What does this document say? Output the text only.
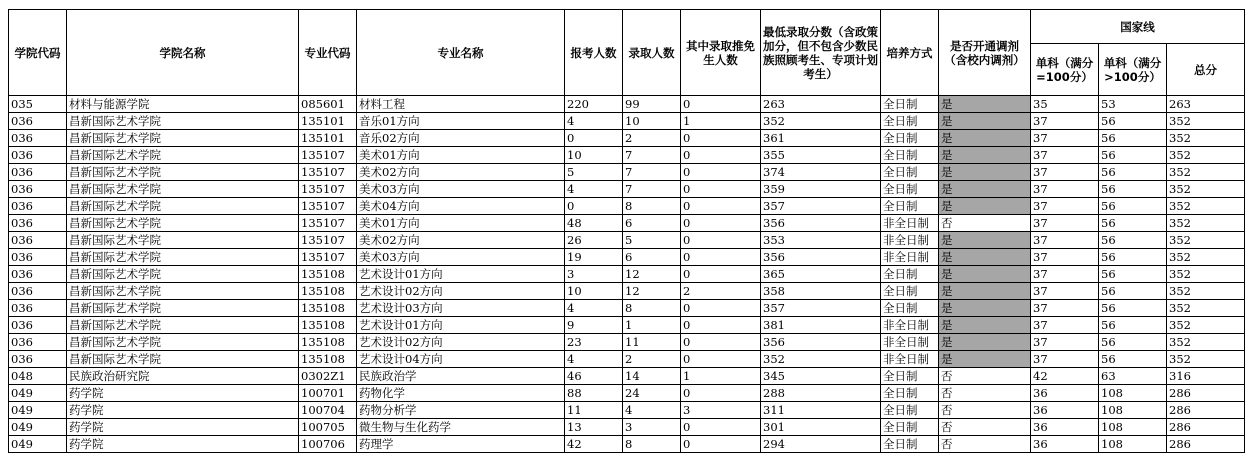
学院代码	学院名称	专业代码	专业名称	报考人数	录取人数	其中录取推免生人数	最低录取分数（含政策加分，但不包含少数民族照顾考生、专项计划考生）	培养方式	是否开通调剂（含校内调剂）	国家线		
										单科（满分=100分）	单科（满分>100分）	总分
035	材料与能源学院	085601	材料工程	220	99	0	263	全日制	是	35	53	263
036	昌新国际艺术学院	135101	音乐01方向	4	10	1	352	全日制	是	37	56	352
036	昌新国际艺术学院	135101	音乐02方向	0	2	0	361	全日制	是	37	56	352
036	昌新国际艺术学院	135107	美术01方向	10	7	0	355	全日制	是	37	56	352
036	昌新国际艺术学院	135107	美术02方向	5	7	0	374	全日制	是	37	56	352
036	昌新国际艺术学院	135107	美术03方向	4	7	0	359	全日制	是	37	56	352
036	昌新国际艺术学院	135107	美术04方向	0	8	0	357	全日制	是	37	56	352
036	昌新国际艺术学院	135107	美术01方向	48	6	0	356	非全日制	否	37	56	352
036	昌新国际艺术学院	135107	美术02方向	26	5	0	353	非全日制	是	37	56	352
036	昌新国际艺术学院	135107	美术03方向	19	6	0	356	非全日制	是	37	56	352
036	昌新国际艺术学院	135108	艺术设计01方向	3	12	0	365	全日制	是	37	56	352
036	昌新国际艺术学院	135108	艺术设计02方向	10	12	2	358	全日制	是	37	56	352
036	昌新国际艺术学院	135108	艺术设计03方向	4	8	0	357	全日制	是	37	56	352
036	昌新国际艺术学院	135108	艺术设计01方向	9	1	0	381	非全日制	是	37	56	352
036	昌新国际艺术学院	135108	艺术设计02方向	23	11	0	356	非全日制	是	37	56	352
036	昌新国际艺术学院	135108	艺术设计04方向	4	2	0	352	非全日制	是	37	56	352
048	民族政治研究院	0302Z1	民族政治学	46	14	1	345	全日制	否	42	63	316
049	药学院	100701	药物化学	88	24	0	288	全日制	否	36	108	286
049	药学院	100704	药物分析学	11	4	3	311	全日制	否	36	108	286
049	药学院	100705	微生物与生化药学	13	3	0	301	全日制	否	36	108	286
049	药学院	100706	药理学	42	8	0	294	全日制	否	36	108	286
